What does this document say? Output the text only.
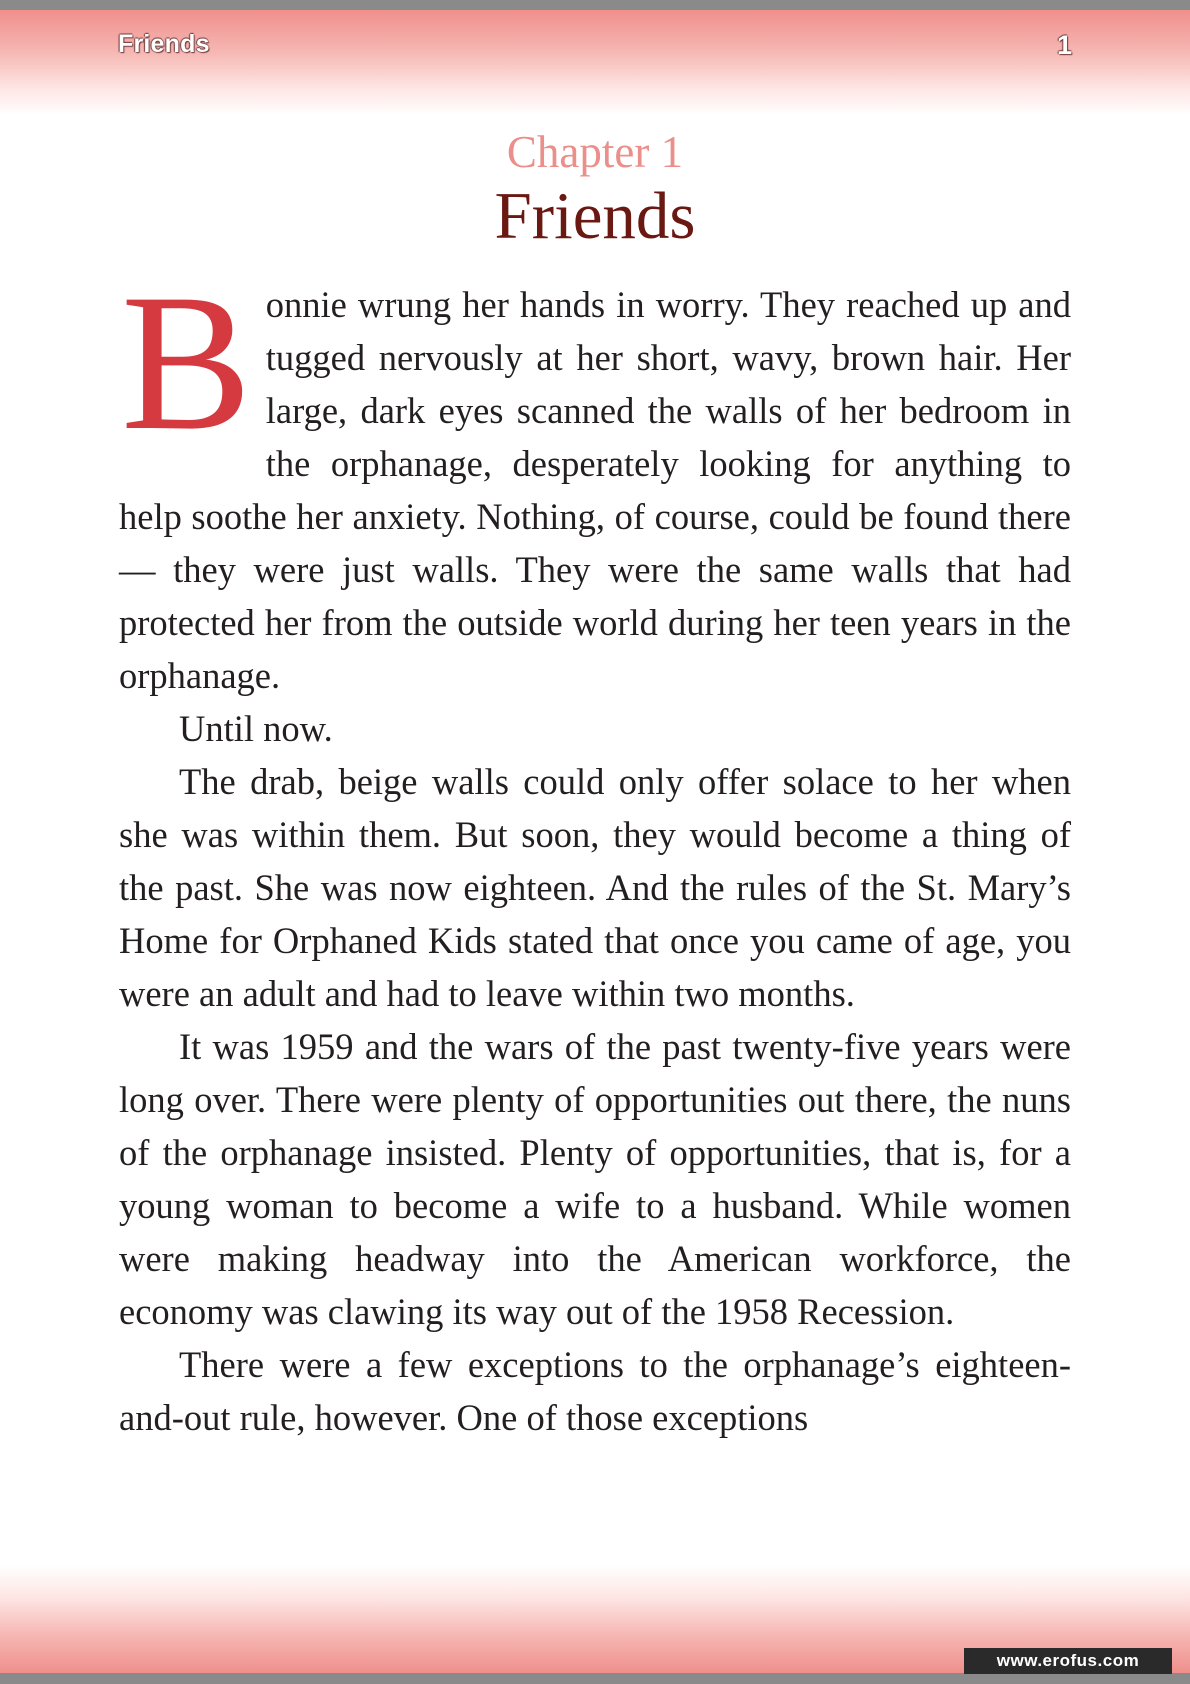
Friends	1
Chapter 1
Friends

Bonnie wrung her hands in worry. They reached up and tugged nervously at her short, wavy, brown hair. Her large, dark eyes scanned the walls of her bedroom in the orphanage, desperately looking for anything to help soothe her anxiety. Nothing, of course, could be found there — they were just walls. They were the same walls that had protected her from the outside world during her teen years in the orphanage.

Until now.

The drab, beige walls could only offer solace to her when she was within them. But soon, they would become a thing of the past. She was now eighteen. And the rules of the St. Mary’s Home for Orphaned Kids stated that once you came of age, you were an adult and had to leave within two months.

It was 1959 and the wars of the past twenty-five years were long over. There were plenty of opportunities out there, the nuns of the orphanage insisted. Plenty of opportunities, that is, for a young woman to become a wife to a husband. While women were making headway into the American workforce, the economy was clawing its way out of the 1958 Recession.

There were a few exceptions to the orphanage’s eighteen-and-out rule, however. One of those exceptions

www.erofus.com
